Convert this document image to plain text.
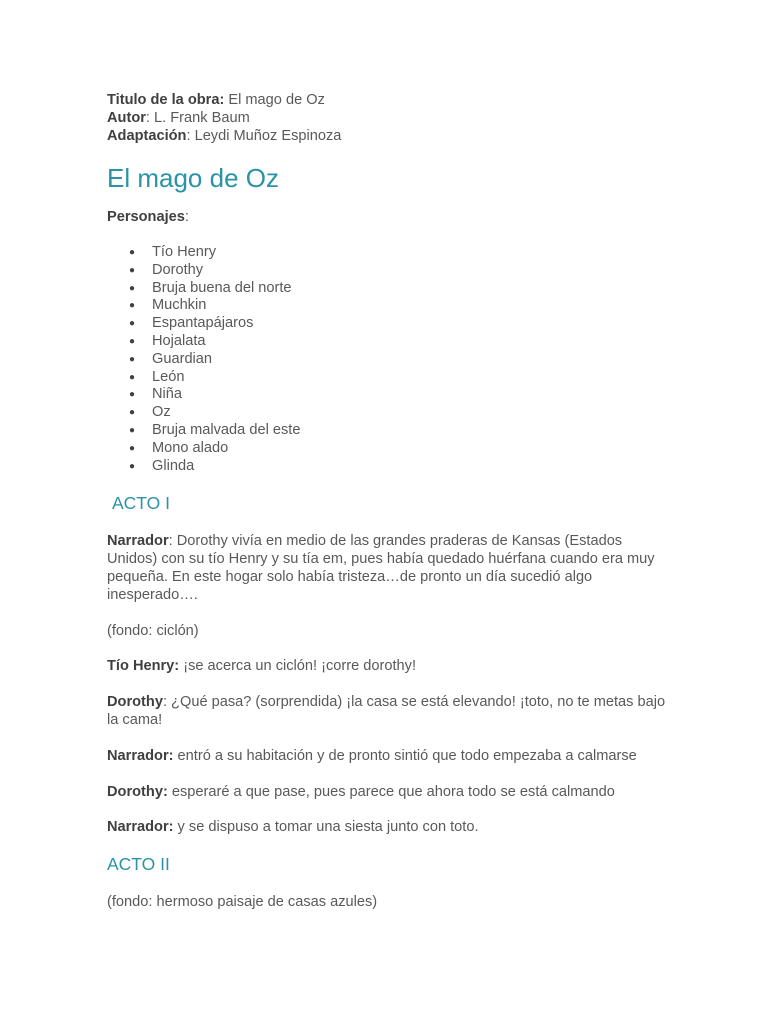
Titulo de la obra: El mago de Oz
Autor: L. Frank Baum
Adaptación: Leydi Muñoz Espinoza
El mago de Oz
Personajes:
● Tío Henry
● Dorothy
● Bruja buena del norte
● Muchkin
● Espantapájaros
● Hojalata
● Guardian
● León
● Niña
● Oz
● Bruja malvada del este
● Mono alado
● Glinda
ACTO I
Narrador: Dorothy vivía en medio de las grandes praderas de Kansas (Estados Unidos) con su tío Henry y su tía em, pues había quedado huérfana cuando era muy pequeña. En este hogar solo había tristeza…de pronto un día sucedió algo inesperado….
(fondo: ciclón)
Tío Henry: ¡se acerca un ciclón! ¡corre dorothy!
Dorothy: ¿Qué pasa? (sorprendida) ¡la casa se está elevando! ¡toto, no te metas bajo la cama!
Narrador: entró a su habitación y de pronto sintió que todo empezaba a calmarse
Dorothy: esperaré a que pase, pues parece que ahora todo se está calmando
Narrador: y se dispuso a tomar una siesta junto con toto.
ACTO II
(fondo: hermoso paisaje de casas azules)
